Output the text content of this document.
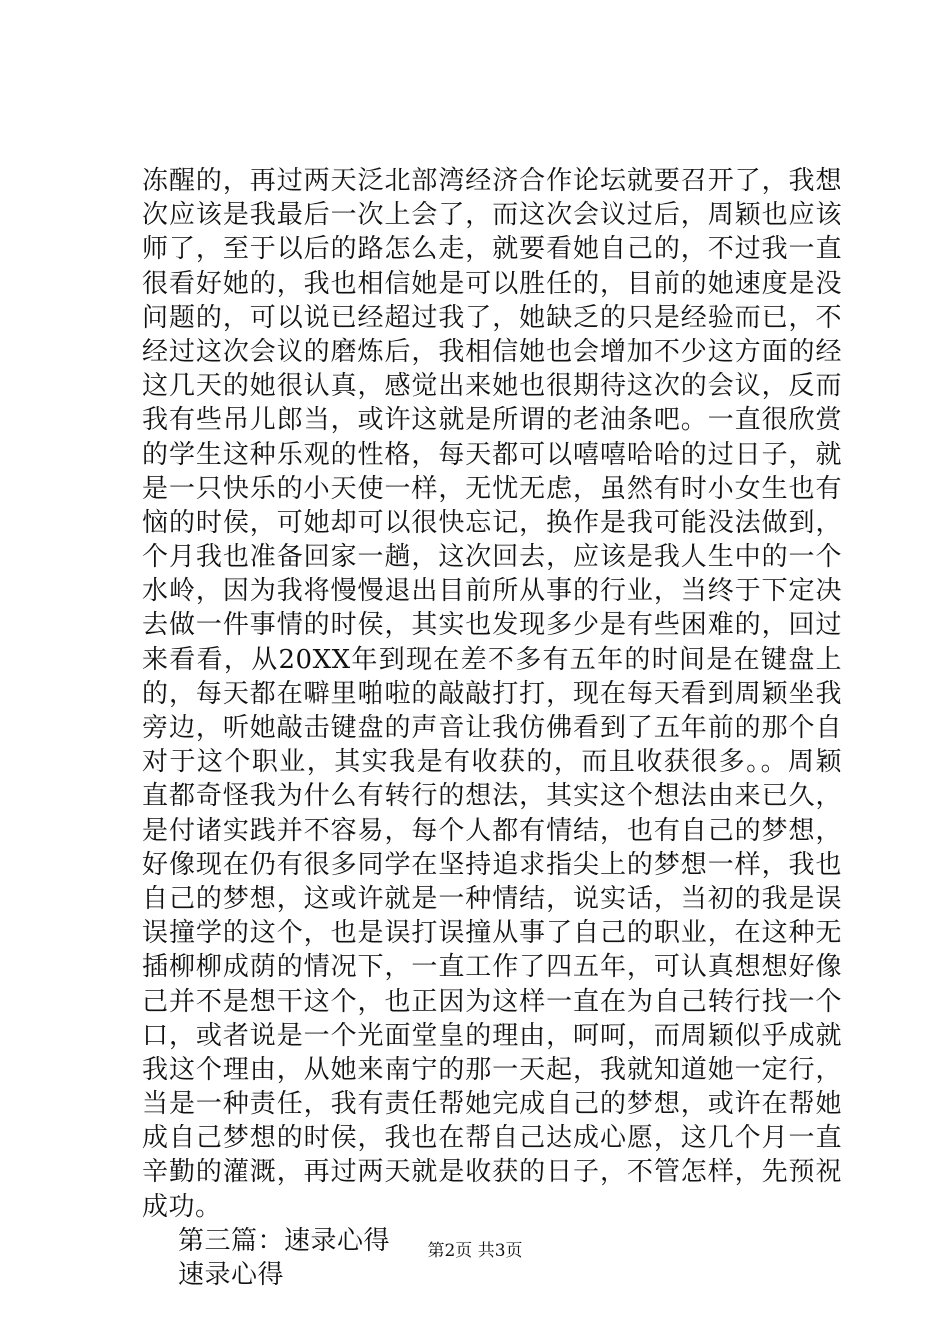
冻醒的，再过两天泛北部湾经济合作论坛就要召开了，我想
次应该是我最后一次上会了，而这次会议过后，周颖也应该
师了，至于以后的路怎么走，就要看她自己的，不过我一直
很看好她的，我也相信她是可以胜任的，目前的她速度是没
问题的，可以说已经超过我了，她缺乏的只是经验而已，不
经过这次会议的磨炼后，我相信她也会增加不少这方面的经
这几天的她很认真，感觉出来她也很期待这次的会议，反而
我有些吊儿郎当，或许这就是所谓的老油条吧。一直很欣赏
的学生这种乐观的性格，每天都可以嘻嘻哈哈的过日子，就
是一只快乐的小天使一样，无忧无虑，虽然有时小女生也有
恼的时侯，可她却可以很快忘记，换作是我可能没法做到，
个月我也准备回家一趟，这次回去，应该是我人生中的一个
水岭，因为我将慢慢退出目前所从事的行业，当终于下定决
去做一件事情的时侯，其实也发现多少是有些困难的，回过
来看看，从20XX年到现在差不多有五年的时间是在键盘上
的，每天都在噼里啪啦的敲敲打打，现在每天看到周颖坐我
旁边，听她敲击键盘的声音让我仿佛看到了五年前的那个自
对于这个职业，其实我是有收获的，而且收获很多。。周颖
直都奇怪我为什么有转行的想法，其实这个想法由来已久，
是付诸实践并不容易，每个人都有情结，也有自己的梦想，
好像现在仍有很多同学在坚持追求指尖上的梦想一样，我也
自己的梦想，这或许就是一种情结，说实话，当初的我是误
误撞学的这个，也是误打误撞从事了自己的职业，在这种无
插柳柳成荫的情况下，一直工作了四五年，可认真想想好像
己并不是想干这个，也正因为这样一直在为自己转行找一个
口，或者说是一个光面堂皇的理由，呵呵，而周颖似乎成就
我这个理由，从她来南宁的那一天起，我就知道她一定行，
当是一种责任，我有责任帮她完成自己的梦想，或许在帮她
成自己梦想的时侯，我也在帮自己达成心愿，这几个月一直
辛勤的灌溉，再过两天就是收获的日子，不管怎样，先预祝
成功。
第三篇：速录心得
速录心得
第2页 共3页
